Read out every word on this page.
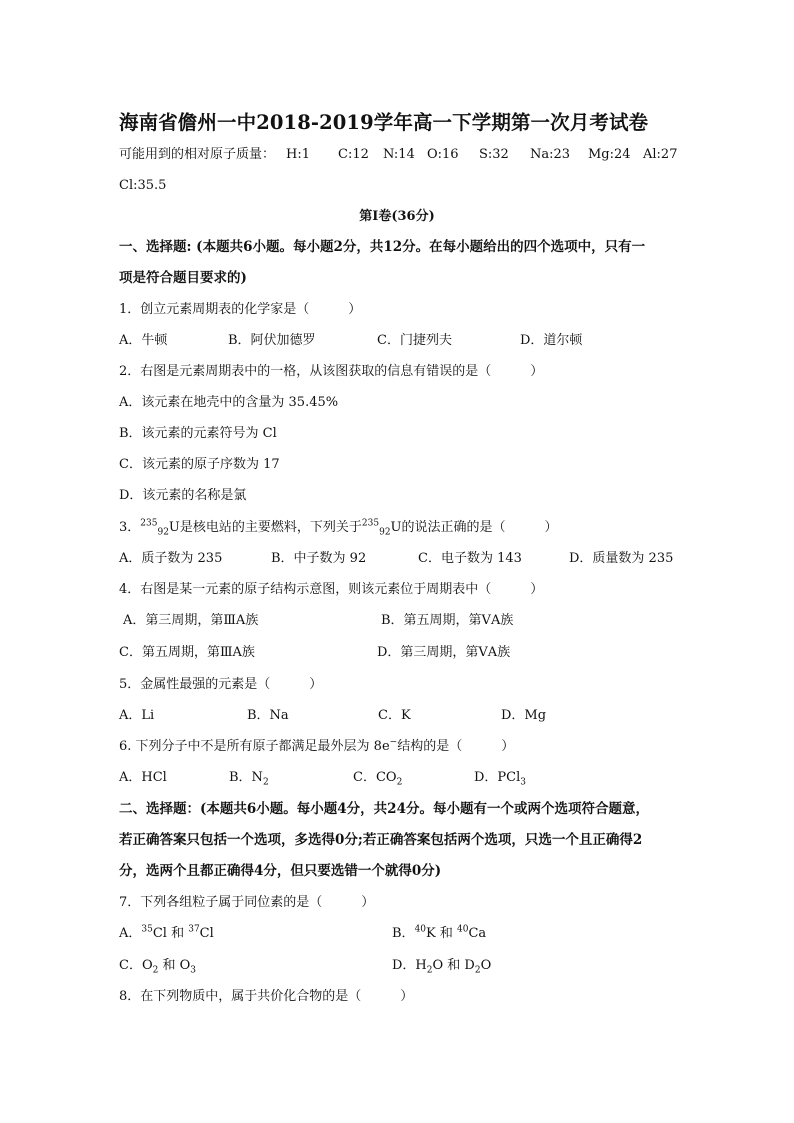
海南省儋州一中2018-2019学年高一下学期第一次月考试卷

可能用到的相对原子质量： H:1 C:12 N:14 O:16 S:32 Na:23 Mg:24 Al:27

Cl:35.5

第I卷(36分)

一、选择题: (本题共6小题。每小题2分，共12分。在每小题给出的四个选项中，只有一

项是符合题目要求的)

1．创立元素周期表的化学家是（　　　）

A．牛顿	B．阿伏加德罗	C．门捷列夫	D．道尔顿

2．右图是元素周期表中的一格，从该图获取的信息有错误的是（　　　）

A．该元素在地壳中的含量为 35.45%

B．该元素的元素符号为 Cl

C．该元素的原子序数为 17

D．该元素的名称是氯

3．$^{235}_{92}$U是核电站的主要燃料，下列关于$^{235}_{92}$U的说法正确的是（　　　）

A．质子数为 235	B．中子数为 92	C．电子数为 143	D．质量数为 235

4．右图是某一元素的原子结构示意图，则该元素位于周期表中（　　　）

A．第三周期，第ⅢA族	B．第五周期，第ⅤA族
C．第五周期，第ⅢA族	D．第三周期，第ⅤA族

5．金属性最强的元素是（　　　）

A．Li	B．Na	C．K	D．Mg

6. 下列分子中不是所有原子都满足最外层为 8e−结构的是（　　　）

A．HCl	B．$N_2$	C．$CO_2$	D．PCl$_3$

二、选择题：(本题共6小题。每小题4分，共24分。每小题有一个或两个选项符合题意，

若正确答案只包括一个选项，多选得0分;若正确答案包括两个选项，只选一个且正确得2

分，选两个且都正确得4分，但只要选错一个就得0分)

7．下列各组粒子属于同位素的是（　　　）

A．$^{35}$Cl 和 $^{37}$Cl	B．$^{40}$K 和 $^{40}$Ca
C．$O_2$ 和 $O_3$	D．$H_2O$ 和 $D_2O$

8．在下列物质中，属于共价化合物的是（　　　）
